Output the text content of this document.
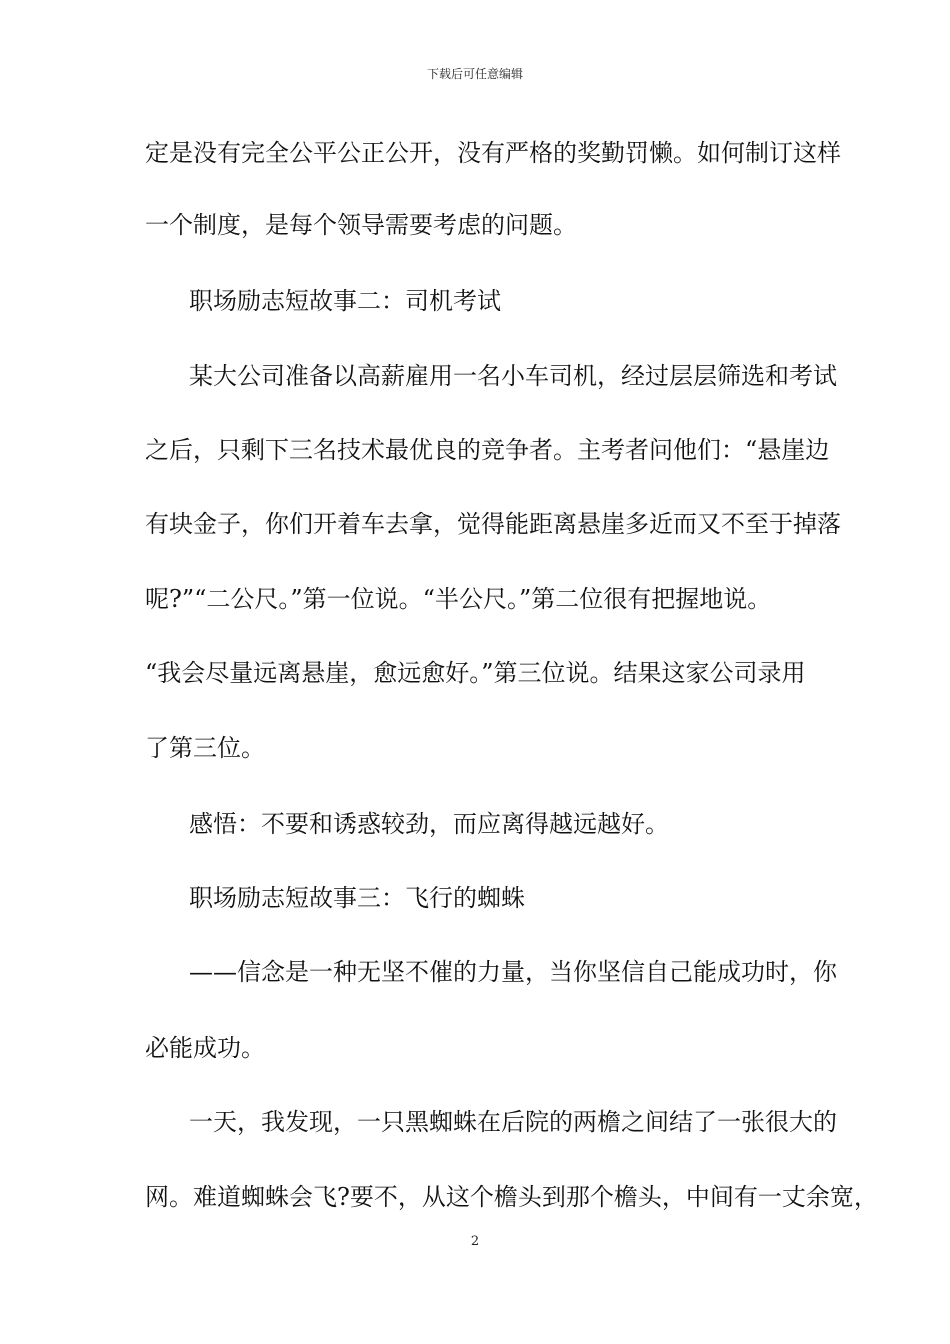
下载后可任意编辑
定是没有完全公平公正公开，没有严格的奖勤罚懒。如何制订这样
一个制度，是每个领导需要考虑的问题。
职场励志短故事二：司机考试
某大公司准备以高薪雇用一名小车司机，经过层层筛选和考试
之后，只剩下三名技术最优良的竞争者。主考者问他们：“悬崖边
有块金子，你们开着车去拿，觉得能距离悬崖多近而又不至于掉落
呢?”“二公尺。”第一位说。“半公尺。”第二位很有把握地说。
“我会尽量远离悬崖，愈远愈好。”第三位说。结果这家公司录用
了第三位。
感悟：不要和诱惑较劲，而应离得越远越好。
职场励志短故事三：飞行的蜘蛛
——信念是一种无坚不催的力量，当你坚信自己能成功时，你
必能成功。
一天，我发现，一只黑蜘蛛在后院的两檐之间结了一张很大的
网。难道蜘蛛会飞?要不，从这个檐头到那个檐头，中间有一丈余宽，
2
